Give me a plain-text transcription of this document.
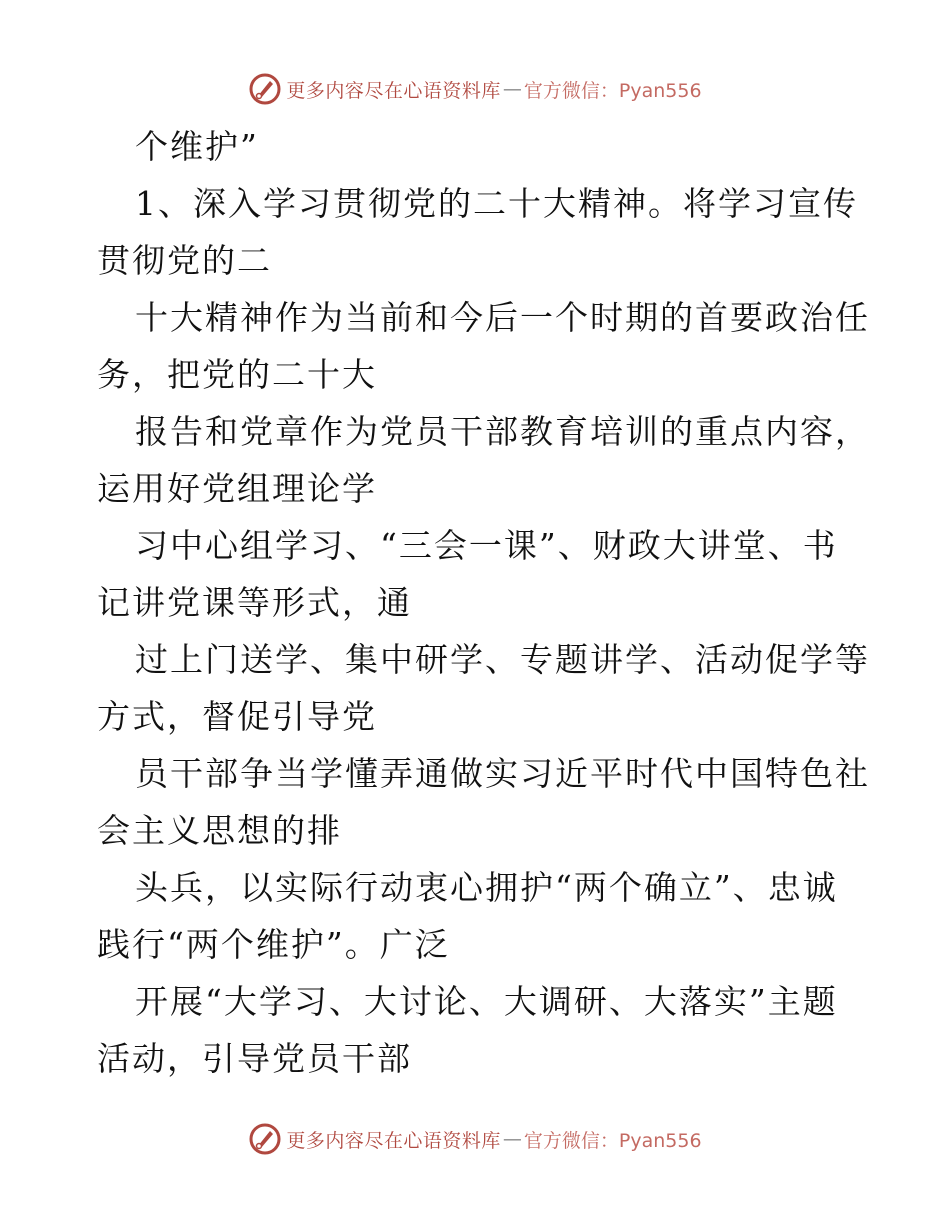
更多内容尽在心语资料库 — 官方微信：Pyan556
个维护”
1、深入学习贯彻党的二十大精神。将学习宣传
贯彻党的二
十大精神作为当前和今后一个时期的首要政治任
务，把党的二十大
报告和党章作为党员干部教育培训的重点内容，
运用好党组理论学
习中心组学习、“三会一课”、财政大讲堂、书
记讲党课等形式，通
过上门送学、集中研学、专题讲学、活动促学等
方式，督促引导党
员干部争当学懂弄通做实习近平时代中国特色社
会主义思想的排
头兵，以实际行动衷心拥护“两个确立”、忠诚
践行“两个维护”。广泛
开展“大学习、大讨论、大调研、大落实”主题
活动，引导党员干部
更多内容尽在心语资料库 — 官方微信：Pyan556
